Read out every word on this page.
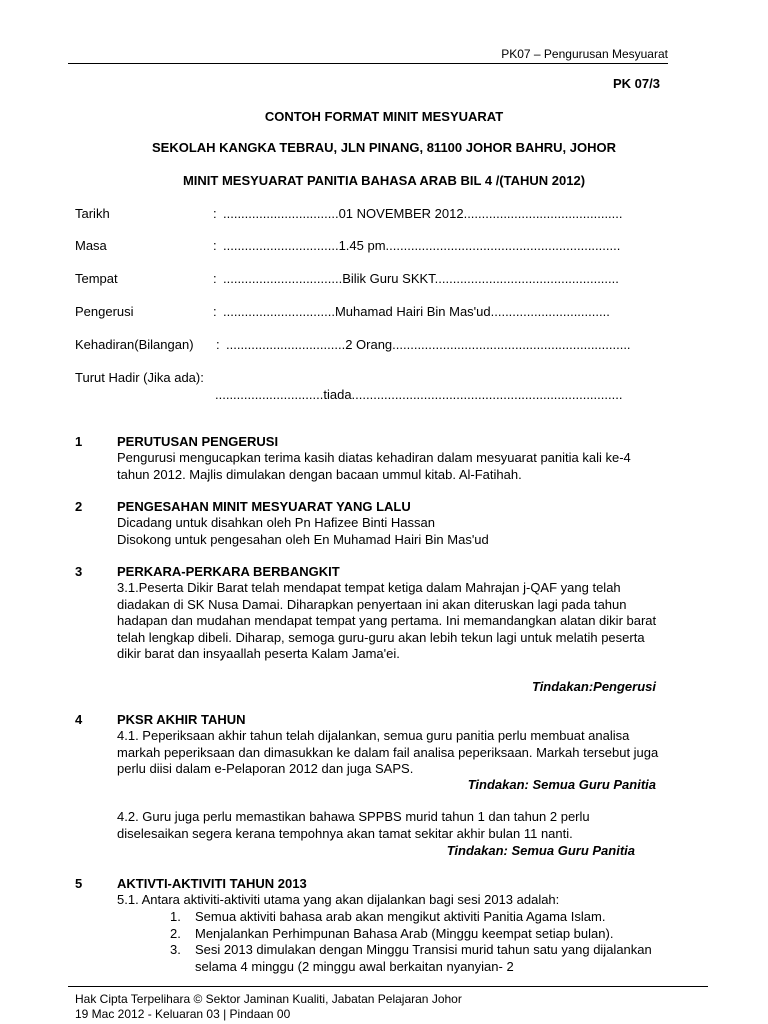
PK07 – Pengurusan Mesyuarat
PK 07/3
CONTOH FORMAT MINIT MESYUARAT
SEKOLAH KANGKA TEBRAU, JLN PINANG, 81100 JOHOR BAHRU, JOHOR
MINIT MESYUARAT PANITIA BAHASA ARAB BIL 4 /(TAHUN 2012)
Tarikh	: ................................01 NOVEMBER 2012............................................
Masa	: ................................1.45 pm.................................................................
Tempat	: .................................Bilik Guru SKKT...................................................
Pengerusi	: ...............................Muhamad Hairi Bin Mas'ud.................................
Kehadiran(Bilangan) : .................................2 Orang..................................................................
Turut Hadir (Jika ada):
..............................tiada...........................................................................
1	PERUTUSAN PENGERUSI
Pengurusi mengucapkan terima kasih diatas kehadiran dalam mesyuarat panitia kali ke-4 tahun 2012. Majlis dimulakan dengan bacaan ummul kitab. Al-Fatihah.
2	PENGESAHAN MINIT MESYUARAT YANG LALU
Dicadang untuk disahkan oleh Pn Hafizee Binti Hassan
Disokong untuk pengesahan oleh En Muhamad Hairi Bin Mas'ud
3	PERKARA-PERKARA BERBANGKIT
3.1.Peserta Dikir Barat telah mendapat tempat ketiga dalam Mahrajan j-QAF yang telah diadakan di SK Nusa Damai. Diharapkan penyertaan ini akan diteruskan lagi pada tahun hadapan dan mudahan mendapat tempat yang pertama. Ini memandangkan alatan dikir barat telah lengkap dibeli. Diharap, semoga guru-guru akan lebih tekun lagi untuk melatih peserta dikir barat dan insyaallah peserta Kalam Jama'ei.
Tindakan:Pengerusi
4	PKSR AKHIR TAHUN
4.1. Peperiksaan akhir tahun telah dijalankan, semua guru panitia perlu membuat analisa markah peperiksaan dan dimasukkan ke dalam fail analisa peperiksaan. Markah tersebut juga perlu diisi dalam e-Pelaporan 2012 dan juga SAPS.
Tindakan: Semua Guru Panitia
4.2. Guru juga perlu memastikan bahawa SPPBS murid tahun 1 dan tahun 2 perlu diselesaikan segera kerana tempohnya akan tamat sekitar akhir bulan 11 nanti.
Tindakan: Semua Guru Panitia
5	AKTIVTI-AKTIVITI TAHUN 2013
5.1. Antara aktiviti-aktiviti utama yang akan dijalankan bagi sesi 2013 adalah:
1. Semua aktiviti bahasa arab akan mengikut aktiviti Panitia Agama Islam.
2. Menjalankan Perhimpunan Bahasa Arab (Minggu keempat setiap bulan).
3. Sesi 2013 dimulakan dengan Minggu Transisi murid tahun satu yang dijalankan selama 4 minggu (2 minggu awal berkaitan nyanyian- 2
Hak Cipta Terpelihara © Sektor Jaminan Kualiti, Jabatan Pelajaran Johor
19 Mac 2012 - Keluaran 03 | Pindaan 00
